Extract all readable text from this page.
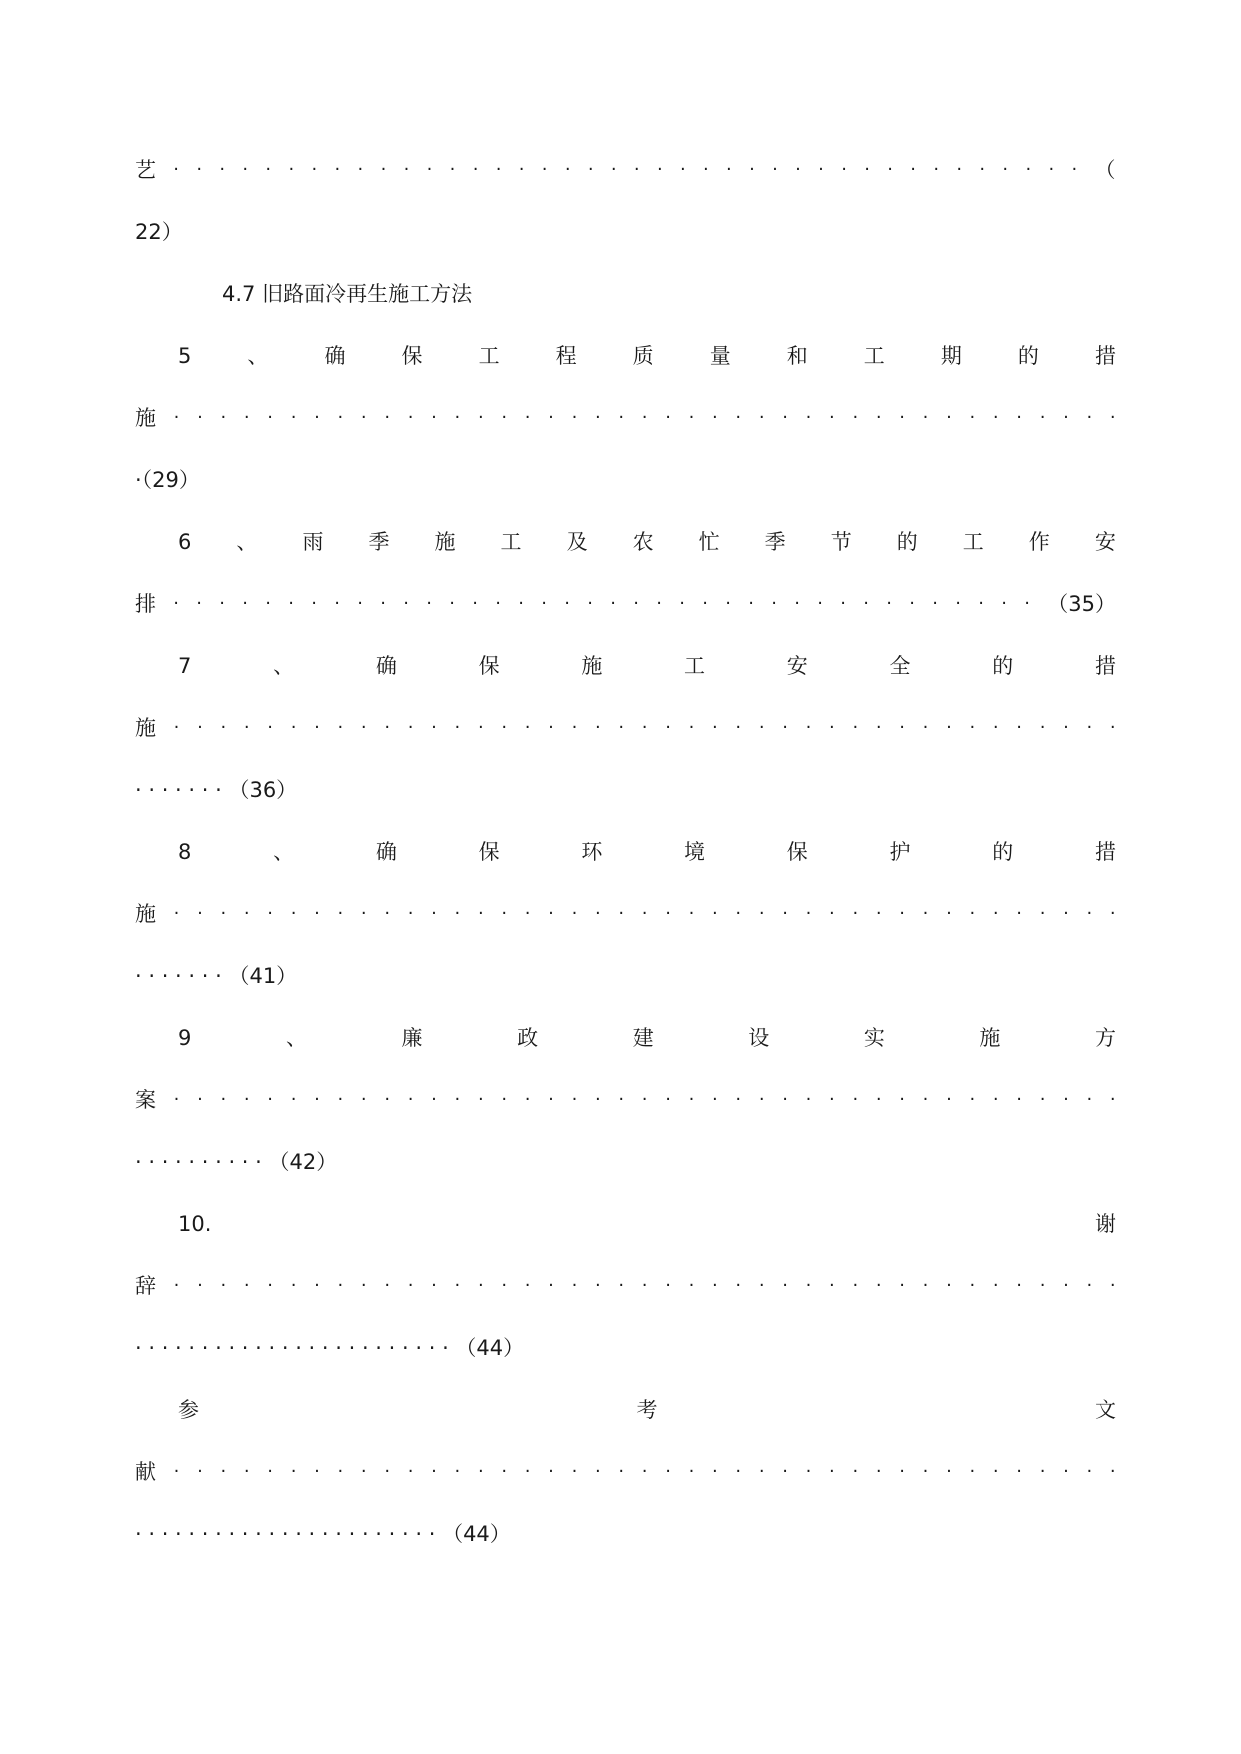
艺 · · · · · · · · · · · · · · · · · · · · · · · · · · · · · · · · · · · · · · · · （
22）
4.7 旧路面冷再生施工方法
5	、	确	保	工	程	质	量	和	工	期	的	措
施 · · · · · · · · · · · · · · · · · · · · · · · · · · · · · · · · · · · · · · · · ·
·（29）
6 、 雨 季 施 工 及 农 忙 季 节 的 工 作 安
排 · · · · · · · · · · · · · · · · · · · · · · · · · · · · · · · · · · · · · · （35）
7	、	确	保	施	工	安	全	的	措
施 · · · · · · · · · · · · · · · · · · · · · · · · · · · · · · · · · · · · · · · · ·
· · · · · · · （36）
8	、	确	保	环	境	保	护	的	措
施 · · · · · · · · · · · · · · · · · · · · · · · · · · · · · · · · · · · · · · · · ·
· · · · · · · （41）
9	、	廉	政	建	设	实	施	方
案 · · · · · · · · · · · · · · · · · · · · · · · · · · · · · · · · · · · · · · · · ·
· · · · · · · · · · （42）
10.	谢
辞 · · · · · · · · · · · · · · · · · · · · · · · · · · · · · · · · · · · · · · · · ·
· · · · · · · · · · · · · · · · · · · · · · · · （44）
参	考	文
献 · · · · · · · · · · · · · · · · · · · · · · · · · · · · · · · · · · · · · · · · ·
· · · · · · · · · · · · · · · · · · · · · · · （44）
